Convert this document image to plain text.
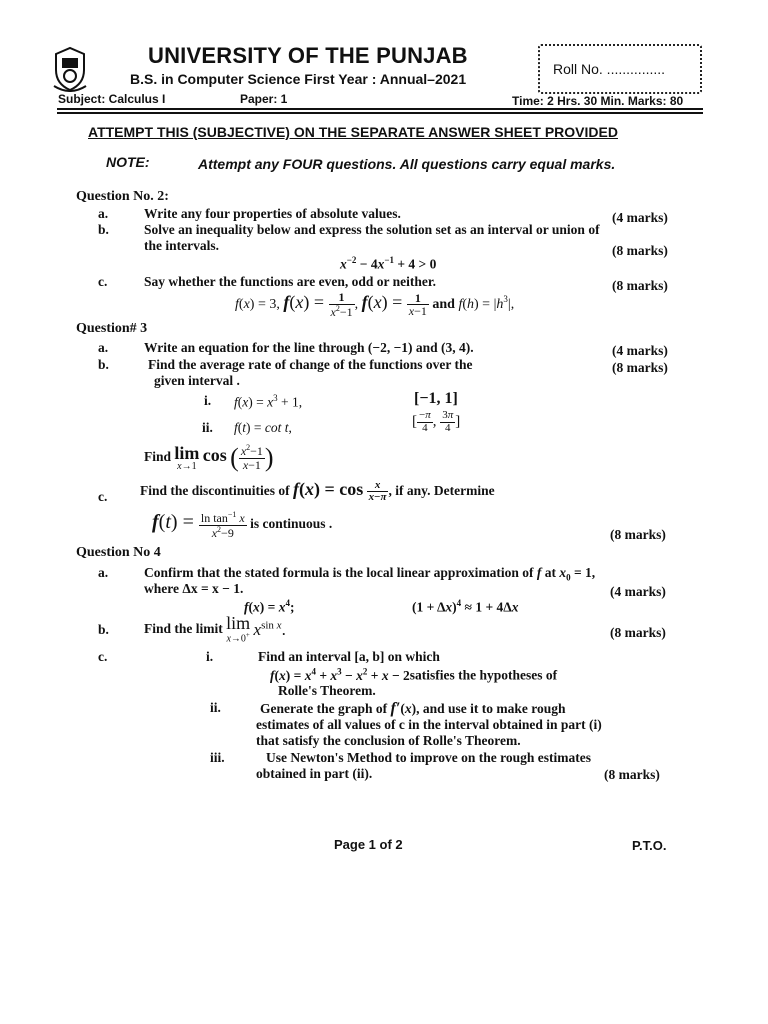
UNIVERSITY OF THE PUNJAB
B.S. in Computer Science First Year : Annual–2021
Roll No. ...............
Subject: Calculus I	Paper: 1	Time: 2 Hrs. 30 Min. Marks: 80
ATTEMPT THIS (SUBJECTIVE) ON THE SEPARATE ANSWER SHEET PROVIDED
NOTE:	Attempt any FOUR questions. All questions carry equal marks.
Question No. 2:
a.	Write any four properties of absolute values.	(4 marks)
b.	Solve an inequality below and express the solution set as an interval or union of
the intervals.	(8 marks)
$x^{-2} - 4x^{-1} + 4 > 0$
c.	Say whether the functions are even, odd or neither.	(8 marks)
f(x) = 3, $f(x) = \frac{1}{x^2-1}$ , $f(x) = \frac{1}{x-1}$ and $f(h) = |h^3|$,
Question# 3
a.	Write an equation for the line through (−2, −1) and (3, 4).	(4 marks)
b.	Find the average rate of change of the functions over the
given interval .
(8 marks)
i. $f(x) = x^3 + 1$,	[−1, 1]
ii. f(t) = cot t,	[ $\frac{-\pi}{4}$ , $\frac{3\pi}{4}$ ]
Find lim
x→1
cos ( $\frac{x^2-1}{x-1}$ )
c. Find the discontinuities of $f(x) = \cos \frac{x}{x-\pi}$ , if any. Determine
$f(t) = \frac{\ln \tan^{-1} x}{x^2-9}$ is continuous .
(8 marks)
Question No 4
a.	Confirm that the stated formula is the local linear approximation of f at $x_0 = 1$,
where Δx = x − 1.	(4 marks)
$f(x) = x^4$;	$(1 + \Delta x)^4 \approx 1 + 4\Delta x$
b.	Find the limit lim
x→0+ $x^{sin x}$.	(8 marks)
c.	i.	Find an interval [a, b] on which
$f(x) = x^4 + x^3 - x^2 + x$ − 2satisfies the hypotheses of
Rolle's Theorem.
ii.	Generate the graph of f′(x), and use it to make rough
estimates of all values of c in the interval obtained in part (i)
that satisfy the conclusion of Rolle's Theorem.
iii.	Use Newton's Method to improve on the rough estimates
obtained in part (ii).	(8 marks)
Page 1 of 2	P.T.O.
